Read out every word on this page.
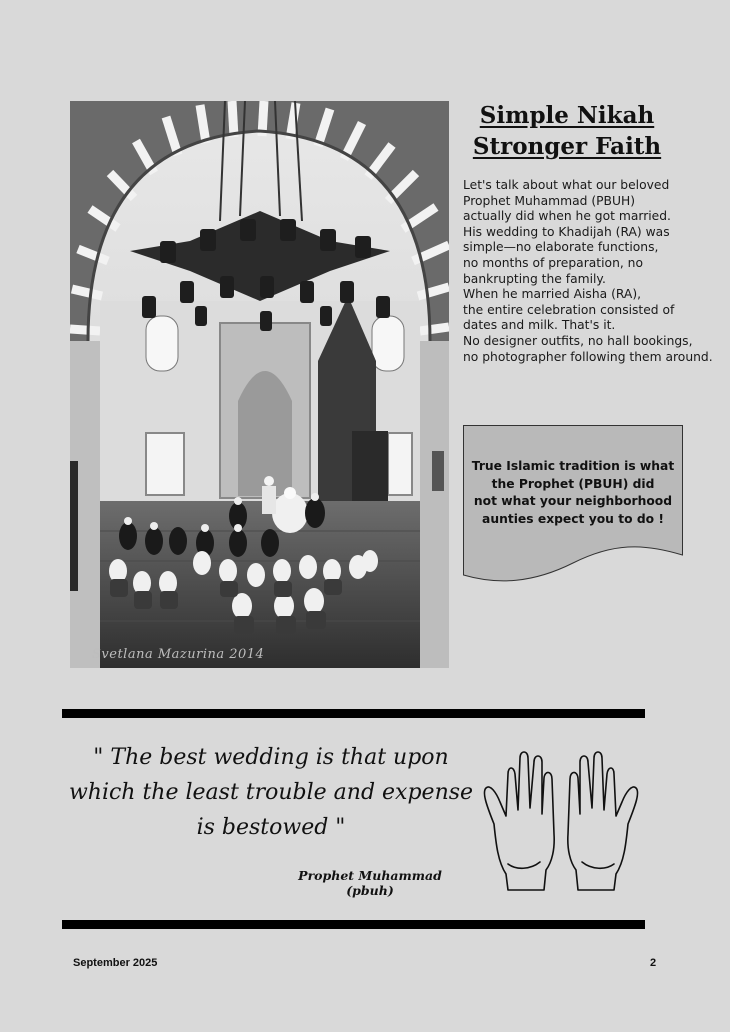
Svetlana Mazurina 2014
Simple Nikah
Stronger Faith

Let's talk about what our beloved

Prophet Muhammad (PBUH)

actually did when he got married.

His wedding to Khadijah (RA) was

simple—no elaborate functions,

no months of preparation, no

bankrupting the family.

When he married Aisha (RA),

the entire celebration consisted of

dates and milk. That's it.

No designer outfits, no hall bookings,

no photographer following them around.

True Islamic tradition is what
the Prophet (PBUH) did
not what your neighborhood
aunties expect you to do !
" The best wedding is that upon
which the least trouble and expense
is bestowed "
Prophet Muhammad
(pbuh)
September 2025	2
